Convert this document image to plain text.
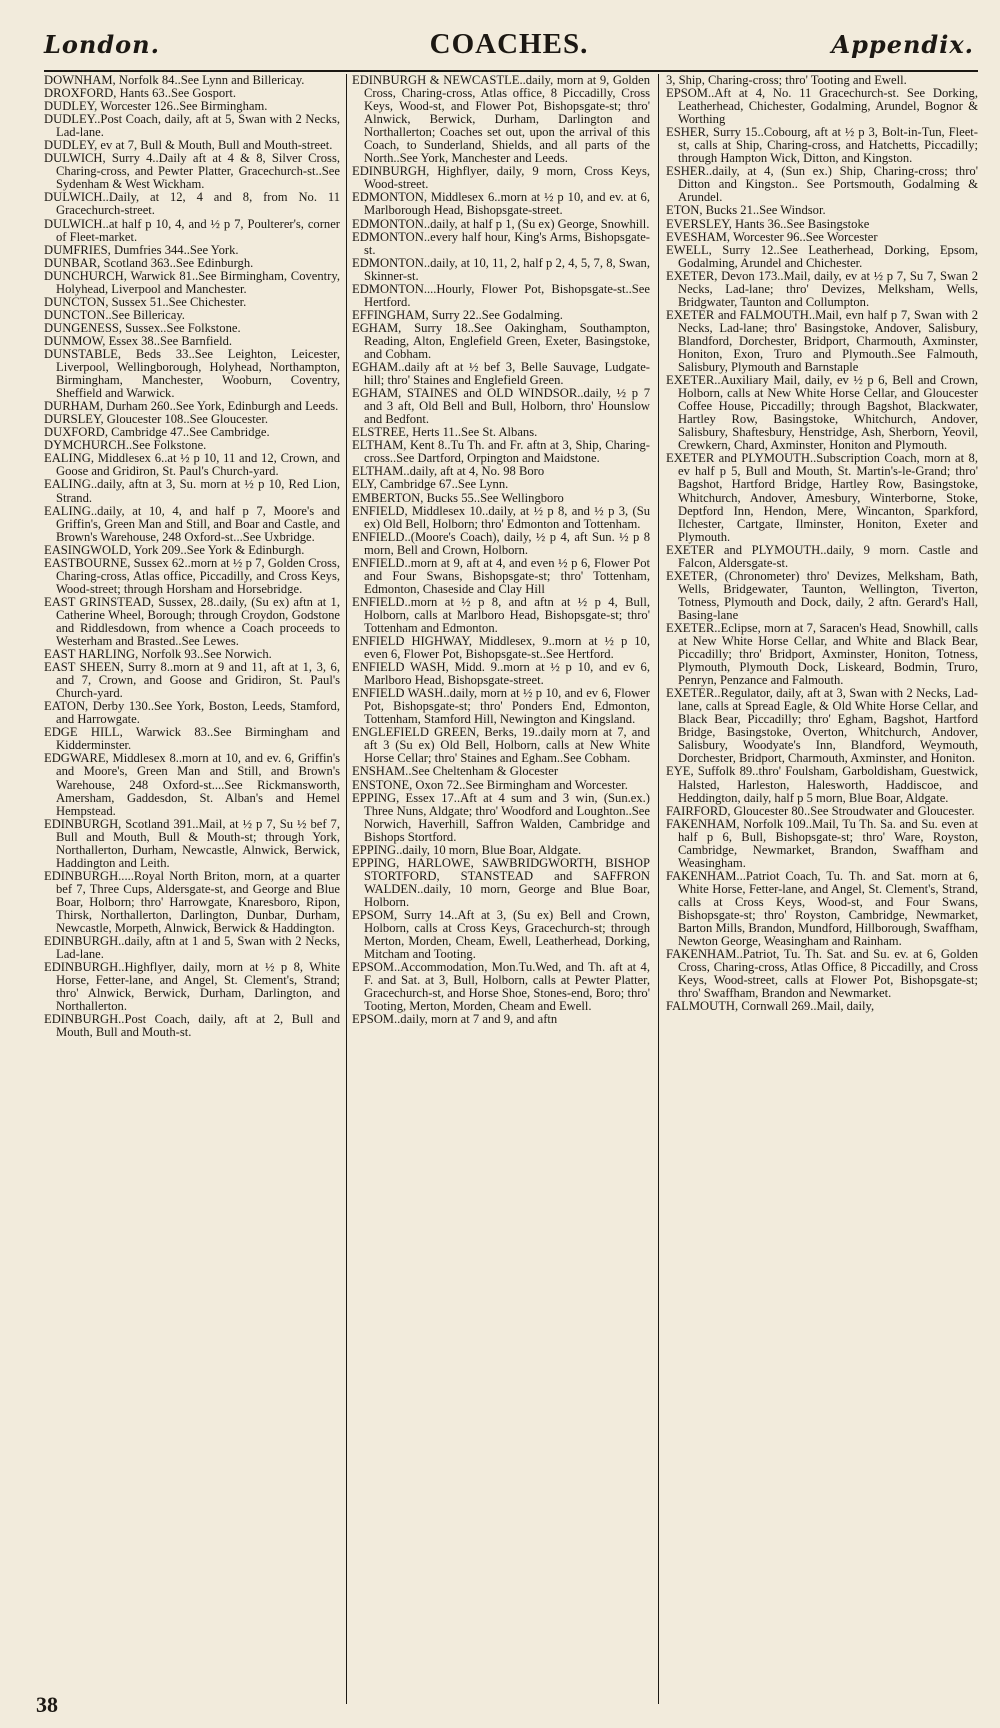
London.	COACHES.	Appendix.

DOWNHAM, Norfolk 84..See Lynn and Billericay.

DROXFORD, Hants 63..See Gosport.

DUDLEY, Worcester 126..See Birmingham.

DUDLEY..Post Coach, daily, aft at 5, Swan with 2 Necks, Lad-lane.

DUDLEY, ev at 7, Bull & Mouth, Bull and Mouth-street.

DULWICH, Surry 4..Daily aft at 4 & 8, Silver Cross, Charing-cross, and Pewter Platter, Gracechurch-st..See Sydenham & West Wickham.

DULWICH..Daily, at 12, 4 and 8, from No. 11 Gracechurch-street.

DULWICH..at half p 10, 4, and ½ p 7, Poulterer's, corner of Fleet-market.

DUMFRIES, Dumfries 344..See York.

DUNBAR, Scotland 363..See Edinburgh.

DUNCHURCH, Warwick 81..See Birmingham, Coventry, Holyhead, Liverpool and Manchester.

DUNCTON, Sussex 51..See Chichester.

DUNCTON..See Billericay.

DUNGENESS, Sussex..See Folkstone.

DUNMOW, Essex 38..See Barnfield.

DUNSTABLE, Beds 33..See Leighton, Leicester, Liverpool, Wellingborough, Holyhead, Northampton, Birmingham, Manchester, Wooburn, Coventry, Sheffield and Warwick.

DURHAM, Durham 260..See York, Edinburgh and Leeds.

DURSLEY, Gloucester 108..See Gloucester.

DUXFORD, Cambridge 47..See Cambridge.

DYMCHURCH..See Folkstone.

EALING, Middlesex 6..at ½ p 10, 11 and 12, Crown, and Goose and Gridiron, St. Paul's Church-yard.

EALING..daily, aftn at 3, Su. morn at ½ p 10, Red Lion, Strand.

EALING..daily, at 10, 4, and half p 7, Moore's and Griffin's, Green Man and Still, and Boar and Castle, and Brown's Warehouse, 248 Oxford-st...See Uxbridge.

EASINGWOLD, York 209..See York & Edinburgh.

EASTBOURNE, Sussex 62..morn at ½ p 7, Golden Cross, Charing-cross, Atlas office, Piccadilly, and Cross Keys, Wood-street; through Horsham and Horsebridge.

EAST GRINSTEAD, Sussex, 28..daily, (Su ex) aftn at 1, Catherine Wheel, Borough; through Croydon, Godstone and Riddlesdown, from whence a Coach proceeds to Westerham and Brasted..See Lewes.

EAST HARLING, Norfolk 93..See Norwich.

EAST SHEEN, Surry 8..morn at 9 and 11, aft at 1, 3, 6, and 7, Crown, and Goose and Gridiron, St. Paul's Church-yard.

EATON, Derby 130..See York, Boston, Leeds, Stamford, and Harrowgate.

EDGE HILL, Warwick 83..See Birmingham and Kidderminster.

EDGWARE, Middlesex 8..morn at 10, and ev. 6, Griffin's and Moore's, Green Man and Still, and Brown's Warehouse, 248 Oxford-st....See Rickmansworth, Amersham, Gaddesdon, St. Alban's and Hemel Hempstead.

EDINBURGH, Scotland 391..Mail, at ½ p 7, Su ½ bef 7, Bull and Mouth, Bull & Mouth-st; through York, Northallerton, Durham, Newcastle, Alnwick, Berwick, Haddington and Leith.

EDINBURGH.....Royal North Briton, morn, at a quarter bef 7, Three Cups, Aldersgate-st, and George and Blue Boar, Holborn; thro' Harrowgate, Knaresboro, Ripon, Thirsk, Northallerton, Darlington, Dunbar, Durham, Newcastle, Morpeth, Alnwick, Berwick & Haddington.

EDINBURGH..daily, aftn at 1 and 5, Swan with 2 Necks, Lad-lane.

EDINBURGH..Highflyer, daily, morn at ½ p 8, White Horse, Fetter-lane, and Angel, St. Clement's, Strand; thro' Alnwick, Berwick, Durham, Darlington, and Northallerton.

EDINBURGH..Post Coach, daily, aft at 2, Bull and Mouth, Bull and Mouth-st.

EDINBURGH & NEWCASTLE..daily, morn at 9, Golden Cross, Charing-cross, Atlas office, 8 Piccadilly, Cross Keys, Wood-st, and Flower Pot, Bishopsgate-st; thro' Alnwick, Berwick, Durham, Darlington and Northallerton; Coaches set out, upon the arrival of this Coach, to Sunderland, Shields, and all parts of the North..See York, Manchester and Leeds.

EDINBURGH, Highflyer, daily, 9 morn, Cross Keys, Wood-street.

EDMONTON, Middlesex 6..morn at ½ p 10, and ev. at 6, Marlborough Head, Bishopsgate-street.

EDMONTON..daily, at half p 1, (Su ex) George, Snowhill.

EDMONTON..every half hour, King's Arms, Bishopsgate-st.

EDMONTON..daily, at 10, 11, 2, half p 2, 4, 5, 7, 8, Swan, Skinner-st.

EDMONTON....Hourly, Flower Pot, Bishopsgate-st..See Hertford.

EFFINGHAM, Surry 22..See Godalming.

EGHAM, Surry 18..See Oakingham, Southampton, Reading, Alton, Englefield Green, Exeter, Basingstoke, and Cobham.

EGHAM..daily aft at ½ bef 3, Belle Sauvage, Ludgate-hill; thro' Staines and Englefield Green.

EGHAM, STAINES and OLD WINDSOR..daily, ½ p 7 and 3 aft, Old Bell and Bull, Holborn, thro' Hounslow and Bedfont.

ELSTREE, Herts 11..See St. Albans.

ELTHAM, Kent 8..Tu Th. and Fr. aftn at 3, Ship, Charing-cross..See Dartford, Orpington and Maidstone.

ELTHAM..daily, aft at 4, No. 98 Boro

ELY, Cambridge 67..See Lynn.

EMBERTON, Bucks 55..See Wellingboro

ENFIELD, Middlesex 10..daily, at ½ p 8, and ½ p 3, (Su ex) Old Bell, Holborn; thro' Edmonton and Tottenham.

ENFIELD..(Moore's Coach), daily, ½ p 4, aft Sun. ½ p 8 morn, Bell and Crown, Holborn.

ENFIELD..morn at 9, aft at 4, and even ½ p 6, Flower Pot and Four Swans, Bishopsgate-st; thro' Tottenham, Edmonton, Chaseside and Clay Hill

ENFIELD..morn at ½ p 8, and aftn at ½ p 4, Bull, Holborn, calls at Marlboro Head, Bishopsgate-st; thro' Tottenham and Edmonton.

ENFIELD HIGHWAY, Middlesex, 9..morn at ½ p 10, even 6, Flower Pot, Bishopsgate-st..See Hertford.

ENFIELD WASH, Midd. 9..morn at ½ p 10, and ev 6, Marlboro Head, Bishopsgate-street.

ENFIELD WASH..daily, morn at ½ p 10, and ev 6, Flower Pot, Bishopsgate-st; thro' Ponders End, Edmonton, Tottenham, Stamford Hill, Newington and Kingsland.

ENGLEFIELD GREEN, Berks, 19..daily morn at 7, and aft 3 (Su ex) Old Bell, Holborn, calls at New White Horse Cellar; thro' Staines and Egham..See Cobham.

ENSHAM..See Cheltenham & Glocester

ENSTONE, Oxon 72..See Birmingham and Worcester.

EPPING, Essex 17..Aft at 4 sum and 3 win, (Sun.ex.) Three Nuns, Aldgate; thro' Woodford and Loughton..See Norwich, Haverhill, Saffron Walden, Cambridge and Bishops Stortford.

EPPING..daily, 10 morn, Blue Boar, Aldgate.

EPPING, HARLOWE, SAWBRIDGWORTH, BISHOP STORTFORD, STANSTEAD and SAFFRON WALDEN..daily, 10 morn, George and Blue Boar, Holborn.

EPSOM, Surry 14..Aft at 3, (Su ex) Bell and Crown, Holborn, calls at Cross Keys, Gracechurch-st; through Merton, Morden, Cheam, Ewell, Leatherhead, Dorking, Mitcham and Tooting.

EPSOM..Accommodation, Mon.Tu.Wed, and Th. aft at 4, F. and Sat. at 3, Bull, Holborn, calls at Pewter Platter, Gracechurch-st, and Horse Shoe, Stones-end, Boro; thro' Tooting, Merton, Morden, Cheam and Ewell.

EPSOM..daily, morn at 7 and 9, and aftn

3, Ship, Charing-cross; thro' Tooting and Ewell.

EPSOM..Aft at 4, No. 11 Gracechurch-st. See Dorking, Leatherhead, Chichester, Godalming, Arundel, Bognor & Worthing

ESHER, Surry 15..Cobourg, aft at ½ p 3, Bolt-in-Tun, Fleet-st, calls at Ship, Charing-cross, and Hatchetts, Piccadilly; through Hampton Wick, Ditton, and Kingston.

ESHER..daily, at 4, (Sun ex.) Ship, Charing-cross; thro' Ditton and Kingston.. See Portsmouth, Godalming & Arundel.

ETON, Bucks 21..See Windsor.

EVERSLEY, Hants 36..See Basingstoke

EVESHAM, Worcester 96..See Worcester

EWELL, Surry 12..See Leatherhead, Dorking, Epsom, Godalming, Arundel and Chichester.

EXETER, Devon 173..Mail, daily, ev at ½ p 7, Su 7, Swan 2 Necks, Lad-lane; thro' Devizes, Melksham, Wells, Bridgwater, Taunton and Collumpton.

EXETER and FALMOUTH..Mail, evn half p 7, Swan with 2 Necks, Lad-lane; thro' Basingstoke, Andover, Salisbury, Blandford, Dorchester, Bridport, Charmouth, Axminster, Honiton, Exon, Truro and Plymouth..See Falmouth, Salisbury, Plymouth and Barnstaple

EXETER..Auxiliary Mail, daily, ev ½ p 6, Bell and Crown, Holborn, calls at New White Horse Cellar, and Gloucester Coffee House, Piccadilly; through Bagshot, Blackwater, Hartley Row, Basingstoke, Whitchurch, Andover, Salisbury, Shaftesbury, Henstridge, Ash, Sherborn, Yeovil, Crewkern, Chard, Axminster, Honiton and Plymouth.

EXETER and PLYMOUTH..Subscription Coach, morn at 8, ev half p 5, Bull and Mouth, St. Martin's-le-Grand; thro' Bagshot, Hartford Bridge, Hartley Row, Basingstoke, Whitchurch, Andover, Amesbury, Winterborne, Stoke, Deptford Inn, Hendon, Mere, Wincanton, Sparkford, Ilchester, Cartgate, Ilminster, Honiton, Exeter and Plymouth.

EXETER and PLYMOUTH..daily, 9 morn. Castle and Falcon, Aldersgate-st.

EXETER, (Chronometer) thro' Devizes, Melksham, Bath, Wells, Bridgewater, Taunton, Wellington, Tiverton, Totness, Plymouth and Dock, daily, 2 aftn. Gerard's Hall, Basing-lane

EXETER..Eclipse, morn at 7, Saracen's Head, Snowhill, calls at New White Horse Cellar, and White and Black Bear, Piccadilly; thro' Bridport, Axminster, Honiton, Totness, Plymouth, Plymouth Dock, Liskeard, Bodmin, Truro, Penryn, Penzance and Falmouth.

EXETER..Regulator, daily, aft at 3, Swan with 2 Necks, Lad-lane, calls at Spread Eagle, & Old White Horse Cellar, and Black Bear, Piccadilly; thro' Egham, Bagshot, Hartford Bridge, Basingstoke, Overton, Whitchurch, Andover, Salisbury, Woodyate's Inn, Blandford, Weymouth, Dorchester, Bridport, Charmouth, Axminster, and Honiton.

EYE, Suffolk 89..thro' Foulsham, Garboldisham, Guestwick, Halsted, Harleston, Halesworth, Haddiscoe, and Heddington, daily, half p 5 morn, Blue Boar, Aldgate.

FAIRFORD, Gloucester 80..See Stroudwater and Gloucester.

FAKENHAM, Norfolk 109..Mail, Tu Th. Sa. and Su. even at half p 6, Bull, Bishopsgate-st; thro' Ware, Royston, Cambridge, Newmarket, Brandon, Swaffham and Weasingham.

FAKENHAM...Patriot Coach, Tu. Th. and Sat. morn at 6, White Horse, Fetter-lane, and Angel, St. Clement's, Strand, calls at Cross Keys, Wood-st, and Four Swans, Bishopsgate-st; thro' Royston, Cambridge, Newmarket, Barton Mills, Brandon, Mundford, Hillborough, Swaffham, Newton George, Weasingham and Rainham.

FAKENHAM..Patriot, Tu. Th. Sat. and Su. ev. at 6, Golden Cross, Charing-cross, Atlas Office, 8 Piccadilly, and Cross Keys, Wood-street, calls at Flower Pot, Bishopsgate-st; thro' Swaffham, Brandon and Newmarket.

FALMOUTH, Cornwall 269..Mail, daily,

38
